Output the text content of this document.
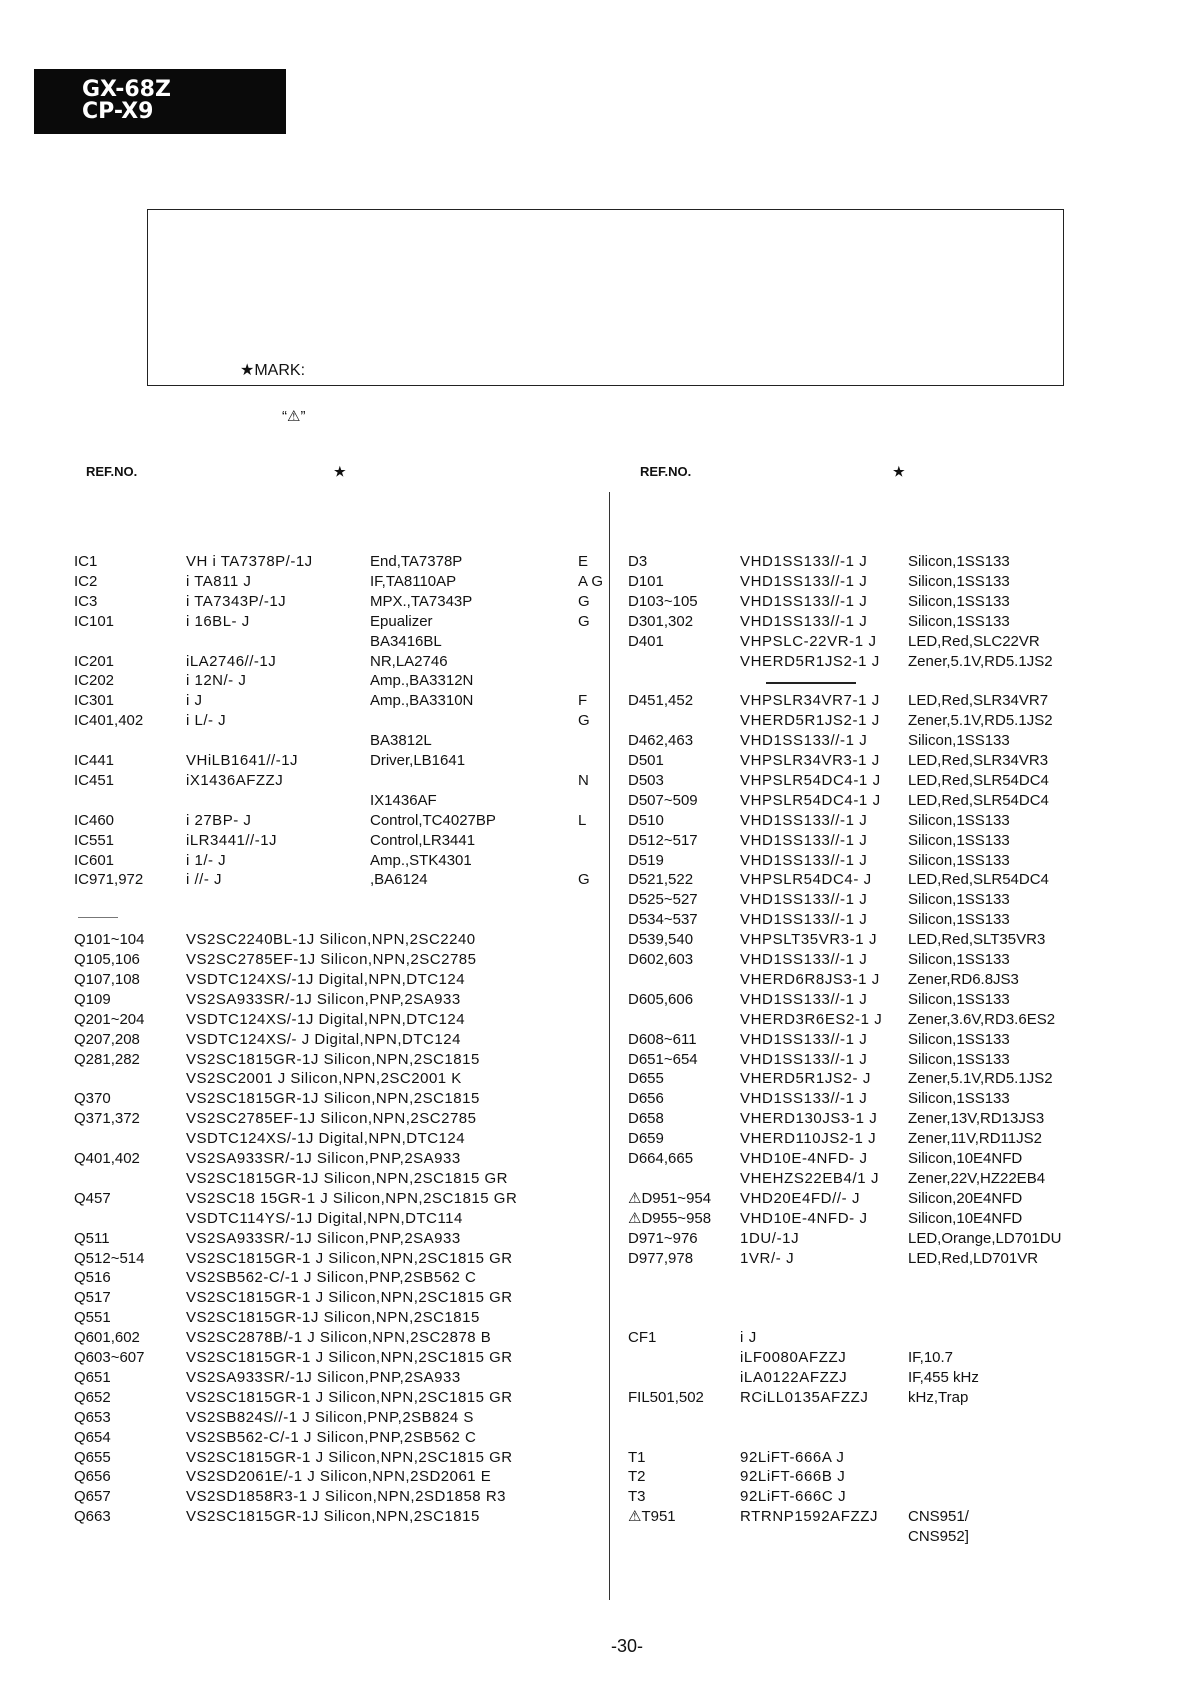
GX-68Z
CP-X9
★MARK:
“⚠”
REF.NO.	★	REF.NO.	★
IC1	VH i TA7378P/-1J	End,TA7378P	E
IC2	i TA811 J	IF,TA8110AP	A G
IC3	i TA7343P/-1J	MPX.,TA7343P	G
IC101	i 16BL- J	Epualizer	G
BA3416BL
IC201	iLA2746//-1J	NR,LA2746
IC202	i 12N/- J	Amp.,BA3312N
IC301	i J	Amp.,BA3310N	F
IC401,402	i L/- J	G
BA3812L
IC441	VHiLB1641//-1J	Driver,LB1641
IC451	iX1436AFZZJ	N
IX1436AF
IC460	i 27BP- J	Control,TC4027BP	L
IC551	iLR3441//-1J	Control,LR3441
IC601	i 1/- J	Amp.,STK4301
IC971,972	i //- J	,BA6124	G
Q101~104	VS2SC2240BL-1J Silicon,NPN,2SC2240
Q105,106	VS2SC2785EF-1J Silicon,NPN,2SC2785
Q107,108	VSDTC124XS/-1J Digital,NPN,DTC124
Q109	VS2SA933SR/-1J Silicon,PNP,2SA933
Q201~204	VSDTC124XS/-1J Digital,NPN,DTC124
Q207,208	VSDTC124XS/- J Digital,NPN,DTC124
Q281,282	VS2SC1815GR-1J Silicon,NPN,2SC1815
VS2SC2001 J Silicon,NPN,2SC2001 K
Q370	VS2SC1815GR-1J Silicon,NPN,2SC1815
Q371,372	VS2SC2785EF-1J Silicon,NPN,2SC2785
VSDTC124XS/-1J Digital,NPN,DTC124
Q401,402	VS2SA933SR/-1J Silicon,PNP,2SA933
VS2SC1815GR-1J Silicon,NPN,2SC1815 GR
Q457	VS2SC18 15GR-1 J Silicon,NPN,2SC1815 GR
VSDTC114YS/-1J Digital,NPN,DTC114
Q511	VS2SA933SR/-1J Silicon,PNP,2SA933
Q512~514	VS2SC1815GR-1 J Silicon,NPN,2SC1815 GR
Q516	VS2SB562-C/-1 J Silicon,PNP,2SB562 C
Q517	VS2SC1815GR-1 J Silicon,NPN,2SC1815 GR
Q551	VS2SC1815GR-1J Silicon,NPN,2SC1815
Q601,602	VS2SC2878B/-1 J Silicon,NPN,2SC2878 B
Q603~607	VS2SC1815GR-1 J Silicon,NPN,2SC1815 GR
Q651	VS2SA933SR/-1J Silicon,PNP,2SA933
Q652	VS2SC1815GR-1 J Silicon,NPN,2SC1815 GR
Q653	VS2SB824S//-1 J Silicon,PNP,2SB824 S
Q654	VS2SB562-C/-1 J Silicon,PNP,2SB562 C
Q655	VS2SC1815GR-1 J Silicon,NPN,2SC1815 GR
Q656	VS2SD2061E/-1 J Silicon,NPN,2SD2061 E
Q657	VS2SD1858R3-1 J Silicon,NPN,2SD1858 R3
Q663	VS2SC1815GR-1J Silicon,NPN,2SC1815
D3	VHD1SS133//-1 J	Silicon,1SS133
D101	VHD1SS133//-1 J	Silicon,1SS133
D103~105	VHD1SS133//-1 J	Silicon,1SS133
D301,302	VHD1SS133//-1 J	Silicon,1SS133
D401	VHPSLC-22VR-1 J LED,Red,SLC22VR
VHERD5R1JS2-1 J Zener,5.1V,RD5.1JS2
D451,452	VHPSLR34VR7-1 J LED,Red,SLR34VR7
VHERD5R1JS2-1 J Zener,5.1V,RD5.1JS2
D462,463	VHD1SS133//-1 J	Silicon,1SS133
D501	VHPSLR34VR3-1 J LED,Red,SLR34VR3
D503	VHPSLR54DC4-1 J LED,Red,SLR54DC4
D507~509	VHPSLR54DC4-1 J LED,Red,SLR54DC4
D510	VHD1SS133//-1 J	Silicon,1SS133
D512~517	VHD1SS133//-1 J	Silicon,1SS133
D519	VHD1SS133//-1 J	Silicon,1SS133
D521,522	VHPSLR54DC4- J LED,Red,SLR54DC4
D525~527	VHD1SS133//-1 J	Silicon,1SS133
D534~537	VHD1SS133//-1 J	Silicon,1SS133
D539,540	VHPSLT35VR3-1 J LED,Red,SLT35VR3
D602,603	VHD1SS133//-1 J	Silicon,1SS133
VHERD6R8JS3-1 J Zener,RD6.8JS3
D605,606	VHD1SS133//-1 J	Silicon,1SS133
VHERD3R6ES2-1 J Zener,3.6V,RD3.6ES2
D608~611	VHD1SS133//-1 J	Silicon,1SS133
D651~654	VHD1SS133//-1 J	Silicon,1SS133
D655	VHERD5R1JS2- J Zener,5.1V,RD5.1JS2
D656	VHD1SS133//-1 J	Silicon,1SS133
D658	VHERD130JS3-1 J Zener,13V,RD13JS3
D659	VHERD110JS2-1 J Zener,11V,RD11JS2
D664,665	VHD10E-4NFD- J	Silicon,10E4NFD
VHEHZS22EB4/1 J Zener,22V,HZ22EB4
⚠D951~954 VHD20E4FD//- J	Silicon,20E4NFD
⚠D955~958 VHD10E-4NFD- J	Silicon,10E4NFD
D971~976	1DU/-1J	LED,Orange,LD701DU
D977,978	1VR/- J	LED,Red,LD701VR
CF1	i J
iLF0080AFZZJ	IF,10.7
iLA0122AFZZJ	IF,455 kHz
FIL501,502 RCiLL0135AFZZJ	kHz,Trap
T1	92LiFT-666A J
T2	92LiFT-666B J
T3	92LiFT-666C J
⚠T951	RTRNP1592AFZZJ CNS951/
CNS952]
-30-
